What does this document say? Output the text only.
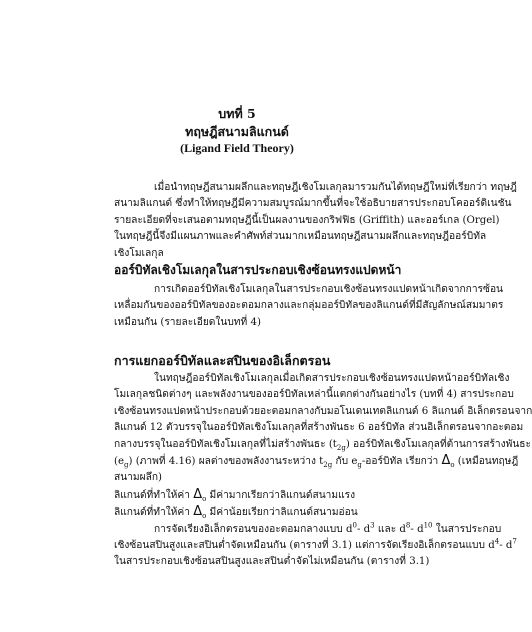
บทที่ 5
ทฤษฎีสนามลิแกนด์
(Ligand Field Theory)
เมื่อนำทฤษฎีสนามผลึกและทฤษฎีเชิงโมเลกุลมารวมกันได้ทฤษฎีใหม่ที่เรียกว่า ทฤษฎี
สนามลิแกนด์ ซึ่งทำให้ทฤษฎีมีความสมบูรณ์มากขึ้นที่จะใช้อธิบายสารประกอบโคออร์ดิเนชัน
รายละเอียดที่จะเสนอตามทฤษฎีนี้เป็นผลงานของกริฟฟิธ (Griffith) และออร์เกล (Orgel)
ในทฤษฎีนี้จึงมีแผนภาพและคำศัพท์ส่วนมากเหมือนทฤษฎีสนามผลึกและทฤษฎีออร์บิทัล
เชิงโมเลกุล
ออร์บิทัลเชิงโมเลกุลในสารประกอบเชิงซ้อนทรงแปดหน้า
การเกิดออร์บิทัลเชิงโมเลกุลในสารประกอบเชิงซ้อนทรงแปดหน้าเกิดจากการซ้อน
เหลื่อมกันของออร์บิทัลของอะตอมกลางและกลุ่มออร์บิทัลของลิแกนด์ที่มีสัญลักษณ์สมมาตร
เหมือนกัน (รายละเอียดในบทที่ 4)
การแยกออร์บิทัลและสปินของอิเล็กตรอน
ในทฤษฎีออร์บิทัลเชิงโมเลกุลเมื่อเกิดสารประกอบเชิงซ้อนทรงแปดหน้าออร์บิทัลเชิง
โมเลกุลชนิดต่างๆ และพลังงานของออร์บิทัลเหล่านี้แตกต่างกันอย่างไร (บทที่ 4) สารประกอบ
เชิงซ้อนทรงแปดหน้าประกอบด้วยอะตอมกลางกับมอโนเดนเทตลิแกนด์ 6 ลิแกนด์ อิเล็กตรอนจาก
ลิแกนด์ 12 ตัวบรรจุในออร์บิทัลเชิงโมเลกุลที่สร้างพันธะ 6 ออร์บิทัล ส่วนอิเล็กตรอนจากอะตอม
กลางบรรจุในออร์บิทัลเชิงโมเลกุลที่ไม่สร้างพันธะ $(t_{2g})$ ออร์บิทัลเชิงโมเลกุลที่ต้านการสร้างพันธะ
$(e_g)$ (ภาพที่ 4.16) ผลต่างของพลังงานระหว่าง $t_{2g}$ กับ $e_g-$ออร์บิทัล เรียกว่า $\Delta_o$ (เหมือนทฤษฎี
สนามผลึก)
ลิแกนด์ที่ทำให้ค่า $\Delta_o$ มีค่ามากเรียกว่าลิแกนด์สนามแรง
ลิแกนด์ที่ทำให้ค่า $\Delta_o$ มีค่าน้อยเรียกว่าลิแกนด์สนามอ่อน
การจัดเรียงอิเล็กตรอนของอะตอมกลางแบบ $d^0-$ $d^3$ และ $d^8-$ $d^{10}$ ในสารประกอบ
เชิงซ้อนสปินสูงและสปินต่ำจัดเหมือนกัน (ตารางที่ 3.1) แต่การจัดเรียงอิเล็กตรอนแบบ $d^4-$ $d^7$
ในสารประกอบเชิงซ้อนสปินสูงและสปินต่ำจัดไม่เหมือนกัน (ตารางที่ 3.1)
